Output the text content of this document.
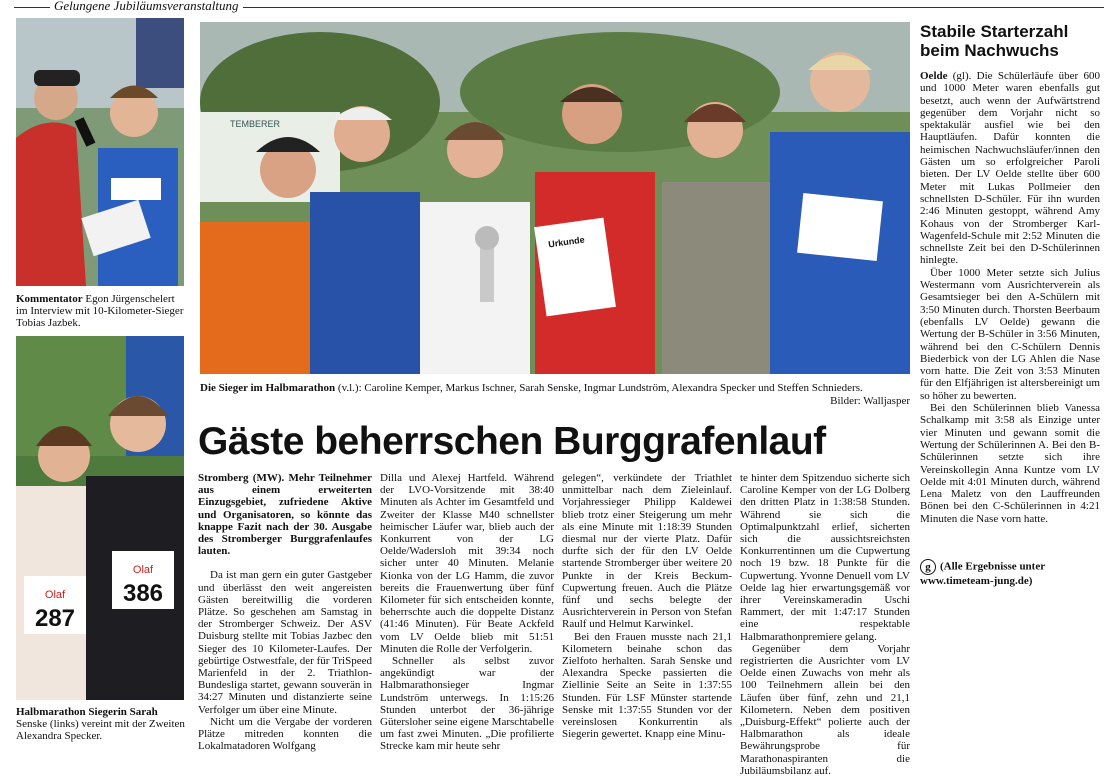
Gelungene Jubiläumsveranstaltung
Kommentator Egon Jürgenschelert im Interview mit 10-Kilometer-Sieger Tobias Jazbek.
Olaf
287
Olaf
386
Halbmarathon Siegerin Sarah Senske (links) vereint mit der Zweiten Alexandra Specker.
TEMBERER
Urkunde
Die Sieger im Halbmarathon (v.l.): Caroline Kemper, Markus Ischner, Sarah Senske, Ingmar Lundström, Alexandra Specker und Steffen Schnieders.
Bilder: Walljasper
Gäste beherrschen Burggrafenlauf

Stromberg (MW). Mehr Teilnehmer aus einem erweiterten Einzugsgebiet, zufriedene Aktive und Organisatoren, so könnte das knappe Fazit nach der 30. Ausgabe des Stromberger Burggrafenlaufes lauten.

Da ist man gern ein guter Gastgeber und überlässt den weit angereisten Gästen bereitwillig die vorderen Plätze. So geschehen am Samstag in der Stromberger Schweiz. Der ASV Duisburg stellte mit Tobias Jazbec den Sieger des 10 Kilometer-Laufes. Der gebürtige Ostwestfale, der für TriSpeed Marienfeld in der 2. Triathlon-Bundesliga startet, gewann souverän in 34:27 Minuten und distanzierte seine Verfolger um über eine Minute.

Nicht um die Vergabe der vorderen Plätze mitreden konnten die Lokalmatadoren Wolfgang

Dilla und Alexej Hartfeld. Während der LVO-Vorsitzende mit 38:40 Minuten als Achter im Gesamtfeld und Zweiter der Klasse M40 schnellster heimischer Läufer war, blieb auch der Konkurrent von der LG Oelde/Wadersloh mit 39:34 noch sicher unter 40 Minuten. Melanie Kionka von der LG Hamm, die zuvor bereits die Frauenwertung über fünf Kilometer für sich entscheiden konnte, beherrschte auch die doppelte Distanz (41:46 Minuten). Für Beate Ackfeld vom LV Oelde blieb mit 51:51 Minuten die Rolle der Verfolgerin.

Schneller als selbst zuvor angekündigt war der Halbmarathonsieger Ingmar Lundström unterwegs. In 1:15:26 Stunden unterbot der 36-jährige Gütersloher seine eigene Marschtabelle um fast zwei Minuten. „Die profilierte Strecke kam mir heute sehr

gelegen“, verkündete der Triathlet unmittelbar nach dem Zieleinlauf. Vorjahressieger Philipp Kaldewei blieb trotz einer Steigerung um mehr als eine Minute mit 1:18:39 Stunden diesmal nur der vierte Platz. Dafür durfte sich der für den LV Oelde startende Stromberger über weitere 20 Punkte in der Kreis Beckum-Cupwertung freuen. Auch die Plätze fünf und sechs belegte der Ausrichterverein in Person von Stefan Raulf und Helmut Karwinkel.

Bei den Frauen musste nach 21,1 Kilometern beinahe schon das Zielfoto herhalten. Sarah Senske und Alexandra Specke passierten die Ziellinie Seite an Seite in 1:37:55 Stunden. Für LSF Münster startende Senske mit 1:37:55 Stunden vor der vereinslosen Konkurrentin als Siegerin gewertet. Knapp eine Minu-

te hinter dem Spitzenduo sicherte sich Caroline Kemper von der LG Dolberg den dritten Platz in 1:38:58 Stunden. Während sie sich die Optimalpunktzahl erlief, sicherten sich die aussichtsreichsten Konkurrentinnen um die Cupwertung noch 19 bzw. 18 Punkte für die Cupwertung. Yvonne Denuell vom LV Oelde lag hier erwartungsgemäß vor ihrer Vereinskameradin Uschi Rammert, der mit 1:47:17 Stunden eine respektable Halbmarathonpremiere gelang.

Gegenüber dem Vorjahr registrierten die Ausrichter vom LV Oelde einen Zuwachs von mehr als 100 Teilnehmern allein bei den Läufen über fünf, zehn und 21,1 Kilometern. Neben dem positiven „Duisburg-Effekt“ polierte auch der Halbmarathon als ideale Bewährungsprobe für Marathonaspiranten die Jubiläumsbilanz auf.

Stabile Starterzahl beim Nachwuchs

Oelde (gl). Die Schülerläufe über 600 und 1000 Meter waren ebenfalls gut besetzt, auch wenn der Aufwärtstrend gegenüber dem Vorjahr nicht so spektakulär ausfiel wie bei den Hauptläufen. Dafür konnten die heimischen Nachwuchsläufer/innen den Gästen um so erfolgreicher Paroli bieten. Der LV Oelde stellte über 600 Meter mit Lukas Pollmeier den schnellsten D-Schüler. Für ihn wurden 2:46 Minuten gestoppt, während Amy Kohaus von der Stromberger Karl-Wagenfeld-Schule mit 2:52 Minuten die schnellste Zeit bei den D-Schülerinnen hinlegte.

Über 1000 Meter setzte sich Julius Westermann vom Ausrichterverein als Gesamtsieger bei den A-Schülern mit 3:50 Minuten durch. Thorsten Beerbaum (ebenfalls LV Oelde) gewann die Wertung der B-Schüler in 3:56 Minuten, während bei den C-Schülern Dennis Biederbick von der LG Ahlen die Nase vorn hatte. Die Zeit von 3:53 Minuten für den Elfjährigen ist altersbereinigt um so höher zu bewerten.

Bei den Schülerinnen blieb Vanessa Schalkamp mit 3:58 als Einzige unter vier Minuten und gewann somit die Wertung der Schülerinnen A. Bei den B-Schülerinnen setzte sich ihre Vereinskollegin Anna Kuntze vom LV Oelde mit 4:01 Minuten durch, während Lena Maletz von den Lauffreunden Bönen bei den C-Schülerinnen in 4:21 Minuten die Nase vorn hatte.

g (Alle Ergebnisse unter www.timeteam-jung.de)
